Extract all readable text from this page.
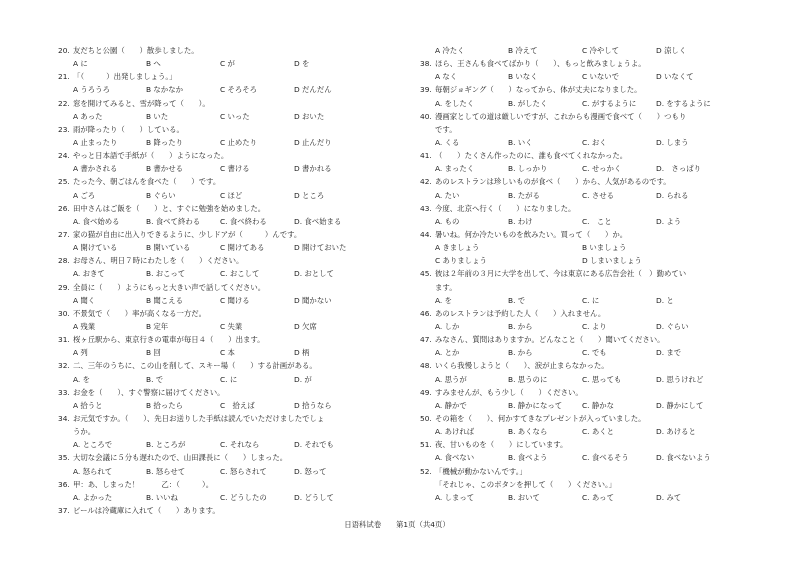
20. 友だちと公園（　　）散歩しました。
A に	B へ	C が	D を
21. 「（　　　）出発しましょう。」
A うろうろ	B なかなか	C そろそろ	D だんだん
22. 窓を開けてみると、雪が降って（　　）。
A あった	B いた	C いった	D おいた
23. 雨が降ったり（　　）している。
A 止まったり	B 降ったり	C 止めたり	D 止んだり
24. やっと日本語で手紙が（　　）ようになった。
A 書かされる	B 書かせる	C 書ける	D 書かれる
25. たった今、朝ごはんを食べた（　　）です。
A ごろ	B ぐらい	C ほど	D ところ
26. 田中さんはご飯を（　　）と、すぐに勉強を始めました。
A. 食べ始める	B. 食べて終わる	C. 食べ終わる	D. 食べ始まる
27. 家の猫が自由に出入りできるように、少しドアが（　　　）んです。
A 開けている	B 開いている	C 開けてある	D 開けておいた
28. お母さん、明日７時にわたしを（　　）ください。
A. おきて	B. おこって	C. おこして	D. おとして
29. 全員に（　　）ようにもっと大きい声で話してください。
A 聞く	B 聞こえる	C 聞ける	D 聞かない
30. 不景気で（　　）率が高くなる一方だ。
A 残業	B 定年	C 失業	D 欠席
31. 桜ヶ丘駅から、東京行きの電車が毎日４（　　）出ます。
A 列	B 回	C 本	D 柄
32. 二、三年のうちに、この山を削して、スキー場（　　）する計画がある。
A. を	B. で	C. に	D. が
33. お金を（　　）、すぐ警察に届けてください。
A 拾うと	B 拾ったら	C　拾えば	D 拾うなら
34. お元気ですか。（　　）、先日お送りした手紙は読んでいただけましたでしょ
うか。
A. ところで	B. ところが	C. それなら	D. それでも
35. 大切な会議に５分も遅れたので、山田課長に（　　）しまった。
A. 怒られて	B. 怒らせて	C. 怒らされて	D. 怒って
36. 甲：あ、しまった！　　　乙：（　　　）。
A. よかった	B. いいね	C. どうしたの	D. どうして
37. ビールは冷蔵庫に入れて（　　）あります。
A 冷たく	B 冷えて	C 冷やして	D 涼しく
38. ほら、王さんも食べてばかり（　　）、もっと飲みましょうよ。
A なく	B いなく	C いないで	D いなくて
39. 毎朝ジョギング（　　）なってから、体が丈夫になりました。
A. をしたく	B. がしたく	C. がするように	D. をするように
40. 漫画家としての道は厳しいですが、これからも漫画で食べて（　　）つもり
です。
A. くる	B. いく	C. おく	D. しまう
41. （　　）たくさん作ったのに、誰も食べてくれなかった。
A. まったく	B. しっかり	C. せっかく	D.　さっぱり
42. あのレストランは珍しいものが食べ（　　）から、人気があるのです。
A. たい	B. たがる	C. させる	D. られる
43. 今度、北京へ行く（　　）になりました。
A. もの	B. わけ	C.　こと	D. よう
44. 暑いね。何か冷たいものを飲みたい。買って（　　）か。
A きましょう	B いましょう
C ありましょう	D しまいましょう
45. 彼は２年前の３月に大学を出して、今は東京にある広告会社（　）勤めてい
ます。
A. を	B. で	C. に	D. と
46. あのレストランは予約した人（　　）入れません。
A. しか	B. から	C. より	D. ぐらい
47. みなさん、質問はありますか。どんなこと（　　）聞いてください。
A. とか	B. から	C. でも	D. まで
48. いくら我慢しようと（　　）、涙が止まらなかった。
A. 思うが	B. 思うのに	C. 思っても	D. 思うけれど
49. すみませんが、もう少し（　　）ください。
A. 静かで	B. 静かになって	C. 静かな	D. 静かにして
50. その箱を（　　）、何かすてきなプレゼントが入っていました。
A. あければ	B. あくなら	C. あくと	D. あけると
51. 夜、甘いものを（　　）にしています。
A. 食べない	B. 食べよう	C. 食べるそう	D. 食べないよう
52. 「機械が動かないんです。」
「それじゃ、このボタンを押して（　　）ください。」
A. しまって	B. おいて	C. あって	D. みて
日语科试卷　　第1页（共4页）
